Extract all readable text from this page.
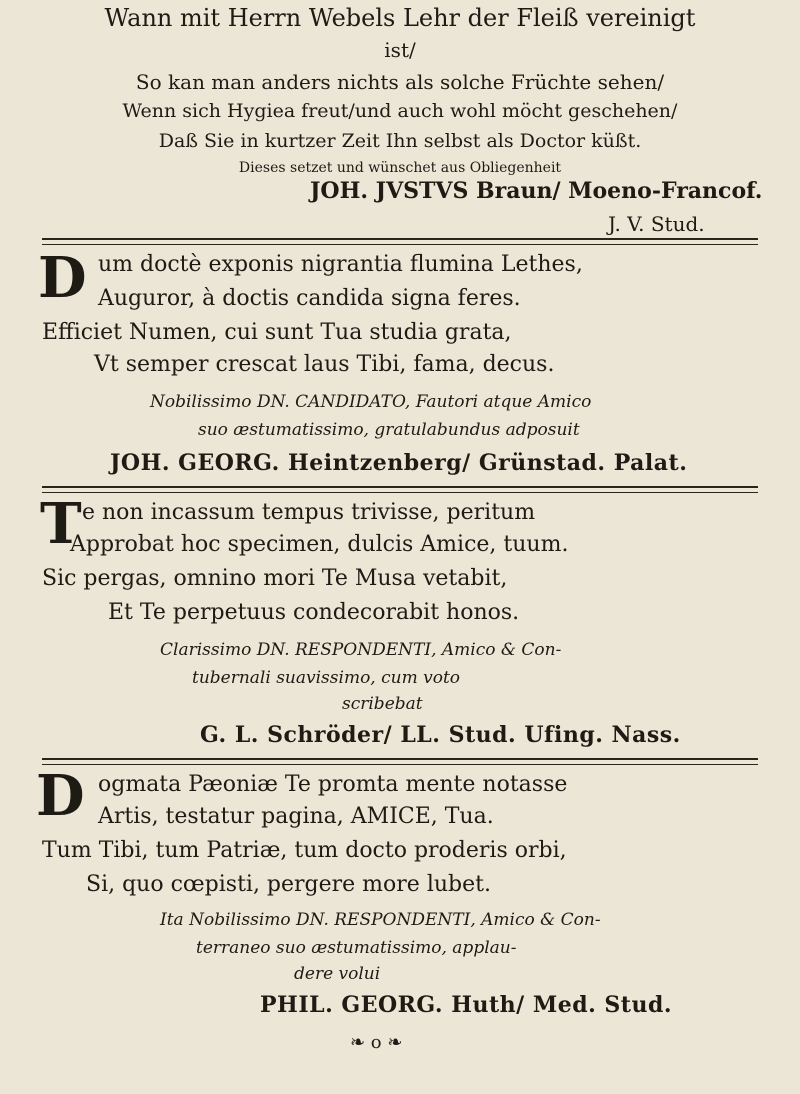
Wann mit Herrn Webels Lehr der Fleiß vereinigt
ist/
So kan man anders nichts als solche Früchte sehen/
Wenn sich Hygiea freut/und auch wohl möcht geschehen/
Daß Sie in kurtzer Zeit Ihn selbst als Doctor küßt.
Dieses setzet und wünschet aus Obliegenheit
JOH. JVSTVS Braun/ Moeno-Francof.
J. V. Stud.
D um doctè exponis nigrantia flumina Lethes,
Auguror, à doctis candida signa feres.
Efficiet Numen, cui sunt Tua studia grata,
Vt semper crescat laus Tibi, fama, decus.
Nobilissimo DN. CANDIDATO, Fautori atque Amico
suo æstumatissimo, gratulabundus adposuit
JOH. GEORG. Heintzenberg/ Grünstad. Palat.
T e non incassum tempus trivisse, peritum
Approbat hoc specimen, dulcis Amice, tuum.
Sic pergas, omnino mori Te Musa vetabit,
Et Te perpetuus condecorabit honos.
Clarissimo DN. RESPONDENTI, Amico & Con-
tubernali suavissimo, cum voto
scribebat
G. L. Schröder/ LL. Stud. Ufing. Nass.
D ogmata Pæoniæ Te promta mente notasse
Artis, testatur pagina, AMICE, Tua.
Tum Tibi, tum Patriæ, tum docto proderis orbi,
Si, quo cœpisti, pergere more lubet.
Ita Nobilissimo DN. RESPONDENTI, Amico & Con-
terraneo suo æstumatissimo, applau-
dere volui
PHIL. GEORG. Huth/ Med. Stud.
❧ o ❧
